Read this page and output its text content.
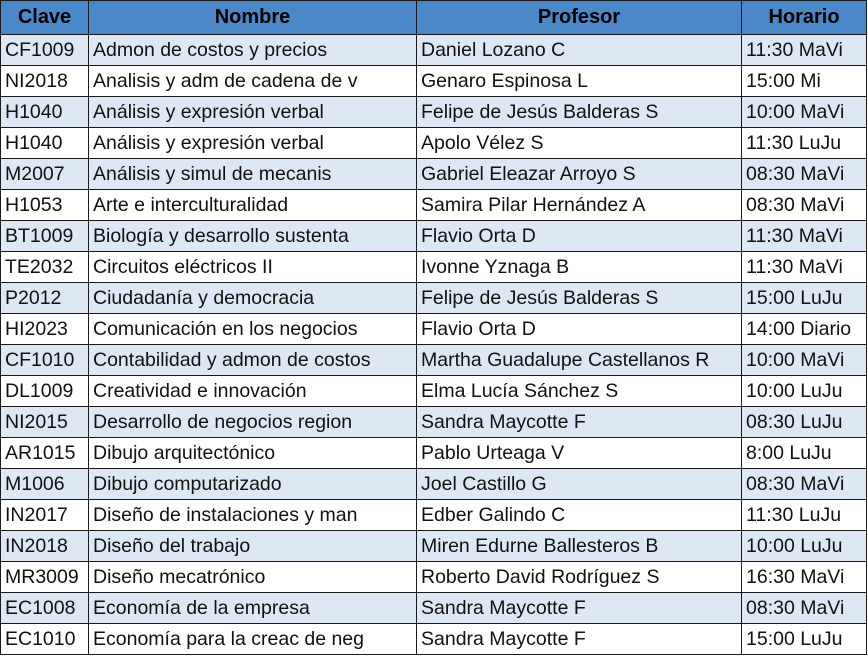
Clave	Nombre	Profesor	Horario
CF1009	Admon de costos y precios	Daniel Lozano C	11:30 MaVi
NI2018	Analisis y adm de cadena de v	Genaro Espinosa L	15:00 Mi
H1040	Análisis y expresión verbal	Felipe de Jesús Balderas S	10:00 MaVi
H1040	Análisis y expresión verbal	Apolo Vélez S	11:30 LuJu
M2007	Análisis y simul de mecanis	Gabriel Eleazar Arroyo S	08:30 MaVi
H1053	Arte e interculturalidad	Samira Pilar Hernández A	08:30 MaVi
BT1009	Biología y desarrollo sustenta	Flavio Orta D	11:30 MaVi
TE2032	Circuitos eléctricos II	Ivonne Yznaga B	11:30 MaVi
P2012	Ciudadanía y democracia	Felipe de Jesús Balderas S	15:00 LuJu
HI2023	Comunicación en los negocios	Flavio Orta D	14:00 Diario
CF1010	Contabilidad y admon de costos	Martha Guadalupe Castellanos R	10:00 MaVi
DL1009	Creatividad e innovación	Elma Lucía Sánchez S	10:00 LuJu
NI2015	Desarrollo de negocios region	Sandra Maycotte F	08:30 LuJu
AR1015	Dibujo arquitectónico	Pablo Urteaga V	8:00 LuJu
M1006	Dibujo computarizado	Joel Castillo G	08:30 MaVi
IN2017	Diseño de instalaciones y man	Edber Galindo C	11:30 LuJu
IN2018	Diseño del trabajo	Miren Edurne Ballesteros B	10:00 LuJu
MR3009	Diseño mecatrónico	Roberto David Rodríguez S	16:30 MaVi
EC1008	Economía de la empresa	Sandra Maycotte F	08:30 MaVi
EC1010	Economía para la creac de neg	Sandra Maycotte F	15:00 LuJu
